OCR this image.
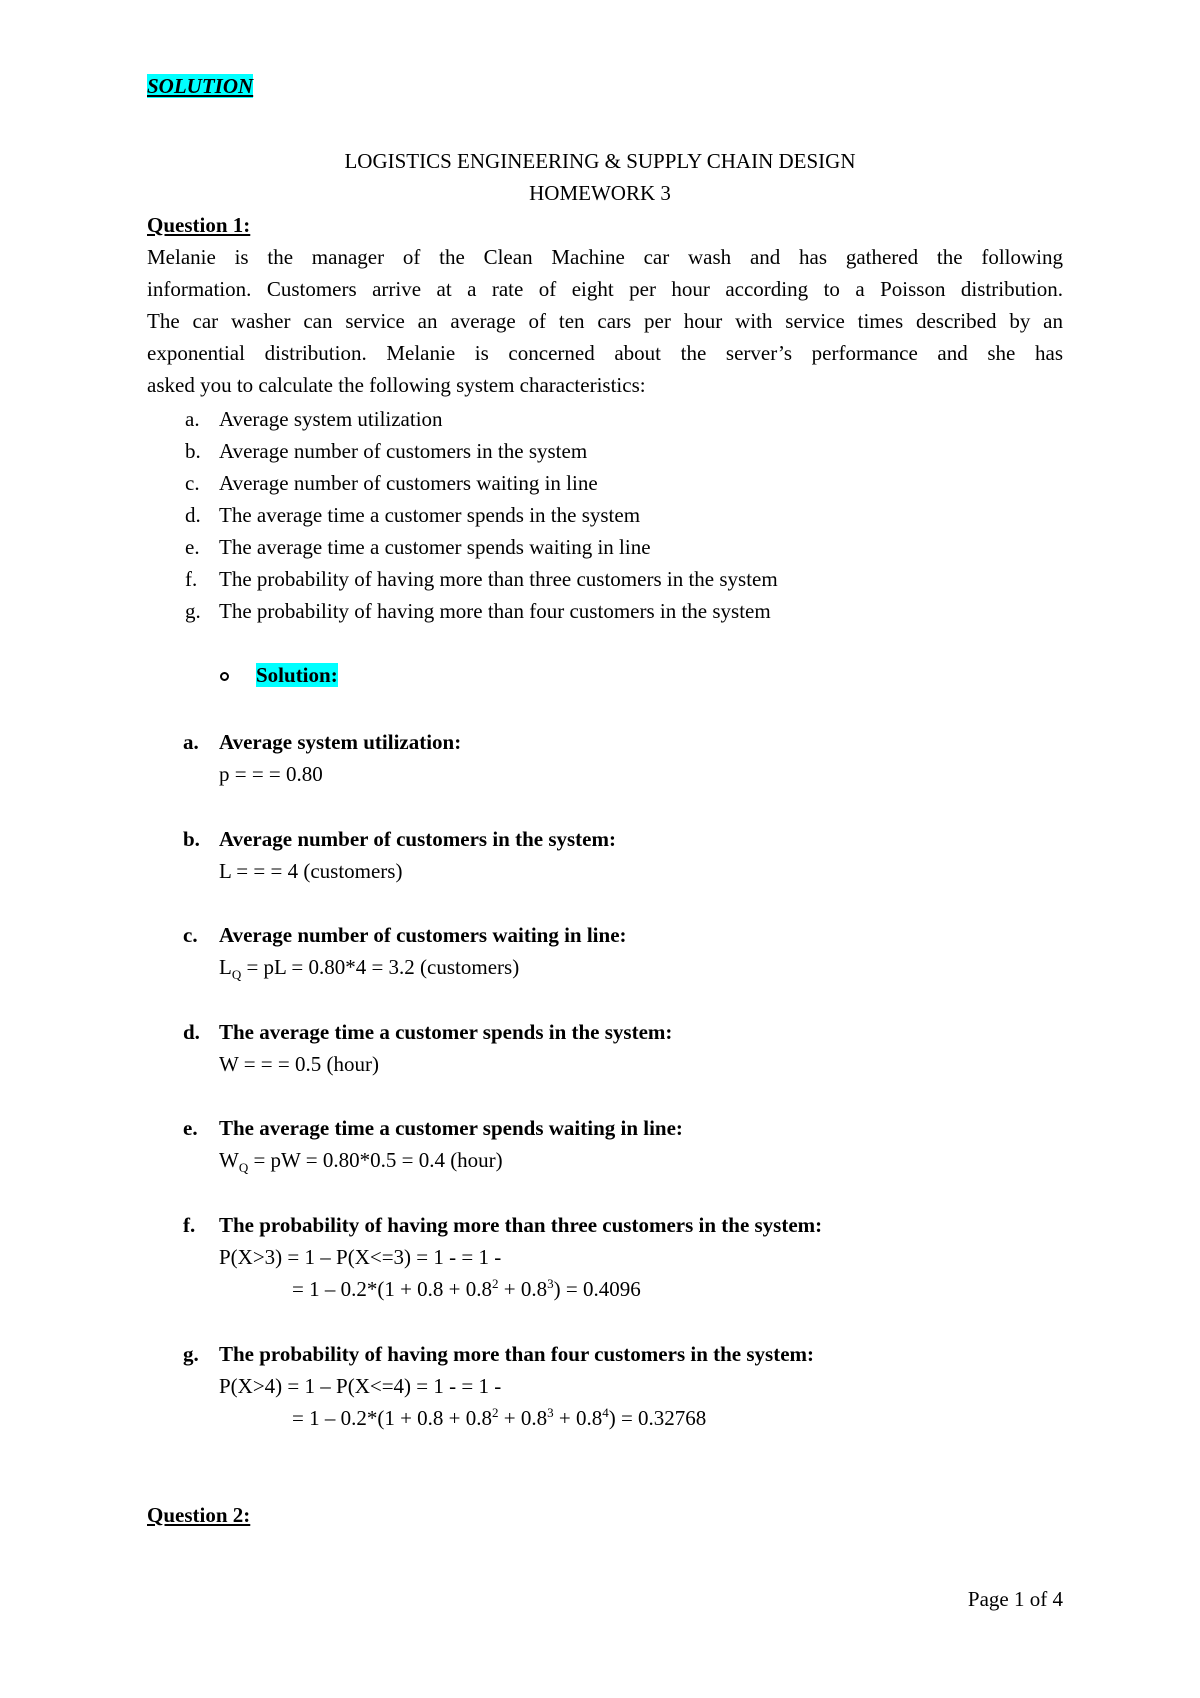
SOLUTION
LOGISTICS ENGINEERING & SUPPLY CHAIN DESIGN
HOMEWORK 3
Question 1:
Melanie is the manager of the Clean Machine car wash and has gathered the following
information. Customers arrive at a rate of eight per hour according to a Poisson distribution.
The car washer can service an average of ten cars per hour with service times described by an
exponential distribution. Melanie is concerned about the server’s performance and she has
asked you to calculate the following system characteristics:
a. Average system utilization
b. Average number of customers in the system
c. Average number of customers waiting in line
d. The average time a customer spends in the system
e. The average time a customer spends waiting in line
f. The probability of having more than three customers in the system
g. The probability of having more than four customers in the system
Solution:
a. Average system utilization:
p = = = 0.80
b. Average number of customers in the system:
L = = = 4 (customers)
c. Average number of customers waiting in line:
$L_Q$ = pL = 0.80*4 = 3.2 (customers)
d. The average time a customer spends in the system:
W = = = 0.5 (hour)
e. The average time a customer spends waiting in line:
$W_Q$ = pW = 0.80*0.5 = 0.4 (hour)
f. The probability of having more than three customers in the system:
P(X>3) = 1 – P(X<=3) = 1 - = 1 -
= $1 - 0.2*(1 + 0.8 + 0.8^2 + 0.8^3) = 0.4096$
g. The probability of having more than four customers in the system:
P(X>4) = 1 – P(X<=4) = 1 - = 1 -
= $1 - 0.2*(1 + 0.8 + 0.8^2 + 0.8^3 + 0.8^4) = 0.32768$
Question 2:
Page 1 of 4
